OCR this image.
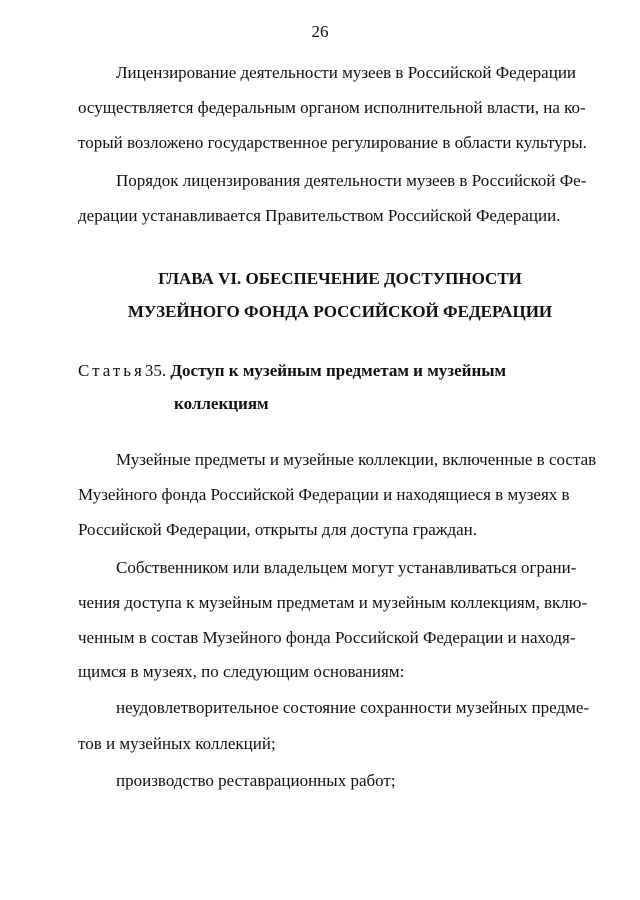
26
Лицензирование деятельности музеев в Российской Федерации
осуществляется федеральным органом исполнительной власти, на ко-
торый возложено государственное регулирование в области культуры.
Порядок лицензирования деятельности музеев в Российской Фе-
дерации устанавливается Правительством Российской Федерации.
ГЛАВА VI. ОБЕСПЕЧЕНИЕ ДОСТУПНОСТИ
МУЗЕЙНОГО ФОНДА РОССИЙСКОЙ ФЕДЕРАЦИИ
Статья35. Доступ к музейным предметам и музейным
коллекциям
Музейные предметы и музейные коллекции, включенные в состав
Музейного фонда Российской Федерации и находящиеся в музеях в
Российской Федерации, открыты для доступа граждан.
Собственником или владельцем могут устанавливаться ограни-
чения доступа к музейным предметам и музейным коллекциям, вклю-
ченным в состав Музейного фонда Российской Федерации и находя-
щимся в музеях, по следующим основаниям:
неудовлетворительное состояние сохранности музейных предме-
тов и музейных коллекций;
производство реставрационных работ;
